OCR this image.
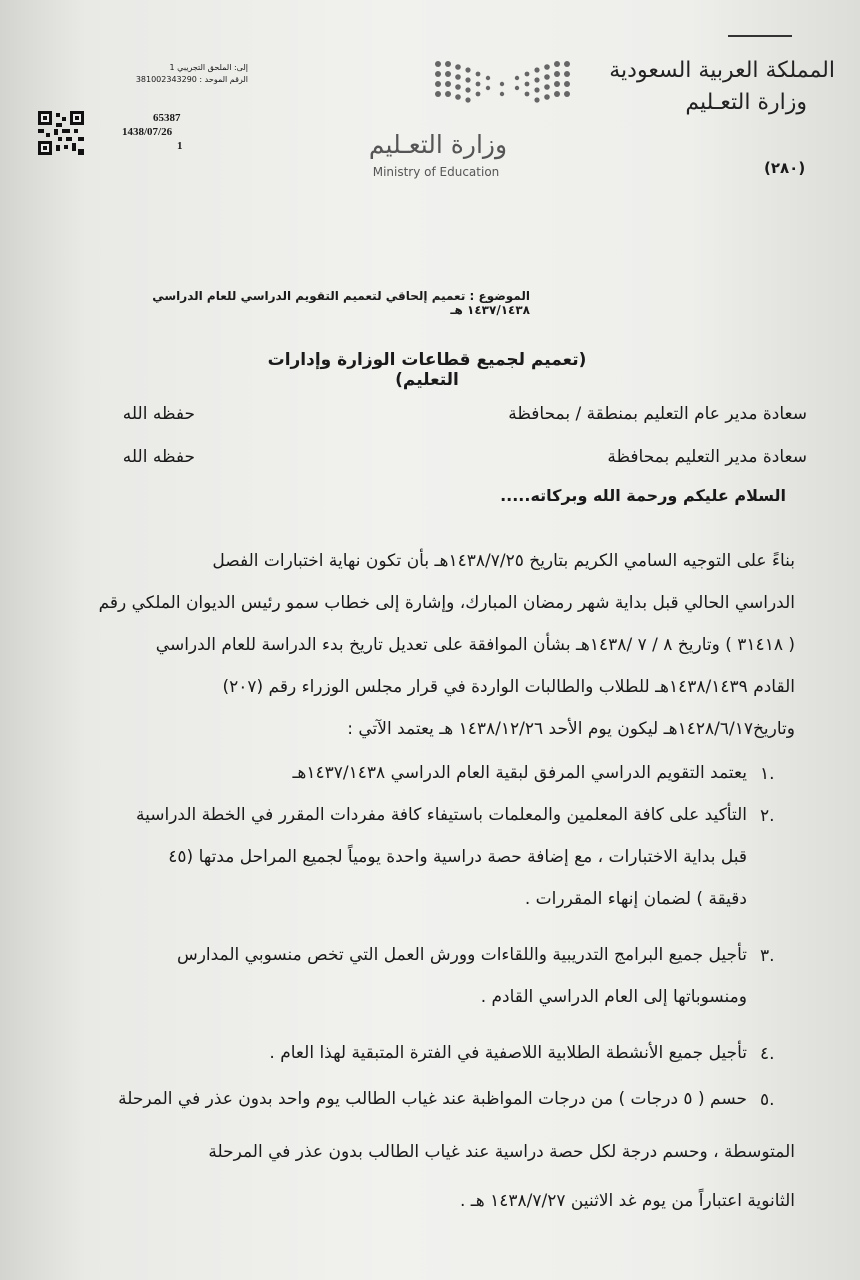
المملكة العربية السعودية
وزارة التعـليم
(٢٨٠)
وزارة التعـليم
Ministry of Education
إلى: الملحق التجريبي 1
الرقم الموحد : 381002343290
65387
1438/07/26
1
الموضوع : تعميم إلحاقي لتعميم التقويم الدراسي للعام الدراسي ١٤٣٧/١٤٣٨ هـ
(تعميم لجميع قطاعات الوزارة وإدارات التعليم)
سعادة مدير عام التعليم بمنطقة / بمحافظة
حفظه الله
سعادة مدير التعليم بمحافظة
حفظه الله
السلام عليكم ورحمة الله وبركاته.....
بناءً على التوجيه السامي الكريم بتاريخ ١٤٣٨/٧/٢٥هـ بأن تكون نهاية اختبارات الفصل
الدراسي الحالي قبل بداية شهر رمضان المبارك، وإشارة إلى خطاب سمو رئيس الديوان الملكي رقم
( ٣١٤١٨ ) وتاريخ ٨ / ٧ /١٤٣٨هـ بشأن الموافقة على تعديل تاريخ بدء الدراسة للعام الدراسي
القادم ١٤٣٨/١٤٣٩هـ للطلاب والطالبات الواردة في قرار مجلس الوزراء رقم (٢٠٧)
وتاريخ١٤٢٨/٦/١٧هـ ليكون يوم الأحد ١٤٣٨/١٢/٢٦ هـ يعتمد الآتي :
١.
يعتمد التقويم الدراسي المرفق لبقية العام الدراسي ١٤٣٧/١٤٣٨هـ
٢.
التأكيد على كافة المعلمين والمعلمات باستيفاء كافة مفردات المقرر في الخطة الدراسية
قبل بداية الاختبارات ، مع إضافة حصة دراسية واحدة يومياً لجميع المراحل مدتها (٤٥
دقيقة ) لضمان إنهاء المقررات .
٣.
تأجيل جميع البرامج التدريبية واللقاءات وورش العمل التي تخص منسوبي المدارس
ومنسوباتها إلى العام الدراسي القادم .
٤.
تأجيل جميع الأنشطة الطلابية اللاصفية في الفترة المتبقية لهذا العام .
٥.
حسم ( ٥ درجات ) من درجات المواظبة عند غياب الطالب يوم واحد بدون عذر في المرحلة
المتوسطة ، وحسم درجة لكل حصة دراسية عند غياب الطالب بدون عذر في المرحلة
الثانوية اعتباراً من يوم غد الاثنين ١٤٣٨/٧/٢٧ هـ .
